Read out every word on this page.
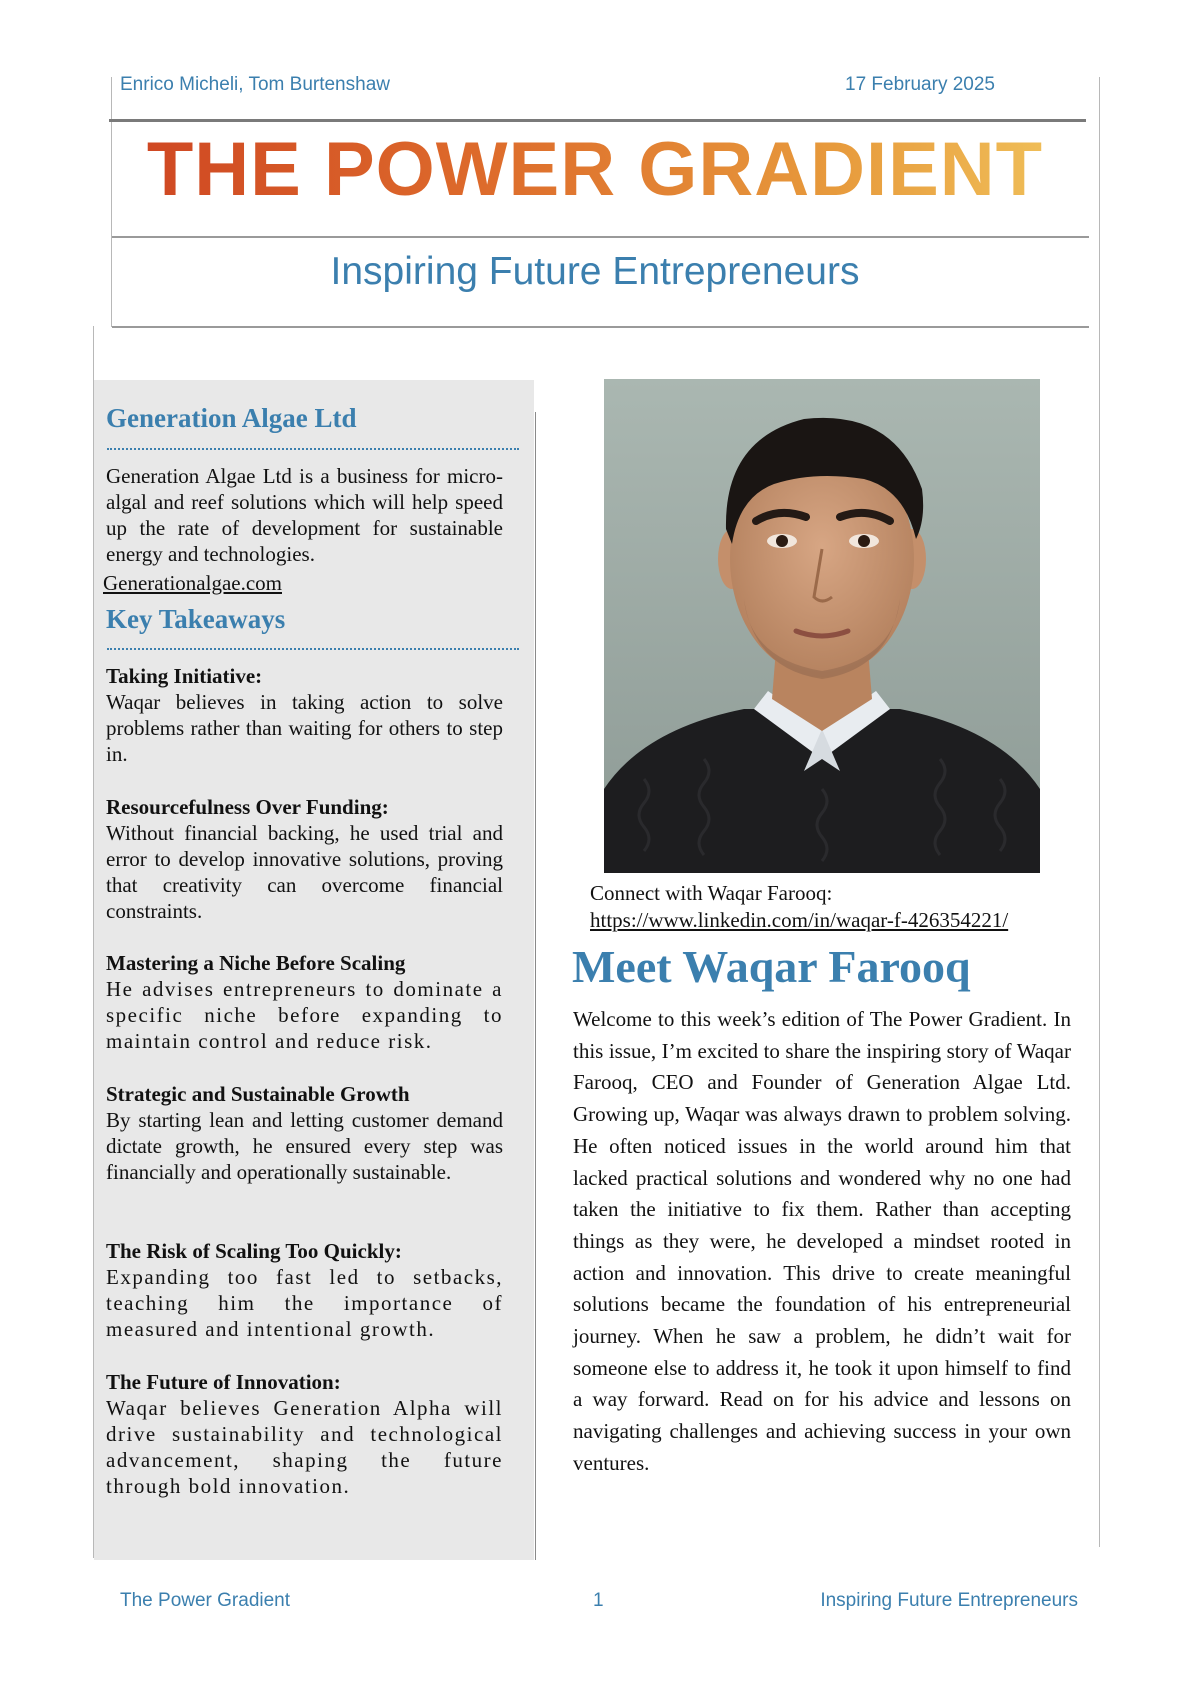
Enrico Micheli, Tom Burtenshaw	17 February 2025
THE POWER GRADIENT
Inspiring Future Entrepreneurs
Generation Algae Ltd
Generation Algae Ltd is a business for micro-algal and reef solutions which will help speed up the rate of development for sustainable energy and technologies.
Generationalgae.com
Key Takeaways
Taking Initiative:
Waqar believes in taking action to solve problems rather than waiting for others to step in.
Resourcefulness Over Funding:
Without financial backing, he used trial and error to develop innovative solutions, proving that creativity can overcome financial constraints.
Mastering a Niche Before Scaling
He advises entrepreneurs to dominate a specific niche before expanding to maintain control and reduce risk.
Strategic and Sustainable Growth
By starting lean and letting customer demand dictate growth, he ensured every step was financially and operationally sustainable.
The Risk of Scaling Too Quickly:
Expanding too fast led to setbacks, teaching him the importance of measured and intentional growth.
The Future of Innovation:
Waqar believes Generation Alpha will drive sustainability and technological advancement, shaping the future through bold innovation.
Connect with Waqar Farooq:
https://www.linkedin.com/in/waqar-f-426354221/
Meet Waqar Farooq
Welcome to this week’s edition of The Power Gradient. In this issue, I’m excited to share the inspiring story of Waqar Farooq, CEO and Founder of Generation Algae Ltd. Growing up, Waqar was always drawn to problem solving. He often noticed issues in the world around him that lacked practical solutions and wondered why no one had taken the initiative to fix them. Rather than accepting things as they were, he developed a mindset rooted in action and innovation. This drive to create meaningful solutions became the foundation of his entrepreneurial journey. When he saw a problem, he didn’t wait for someone else to address it, he took it upon himself to find a way forward. Read on for his advice and lessons on navigating challenges and achieving success in your own ventures.
The Power Gradient	1	Inspiring Future Entrepreneurs
